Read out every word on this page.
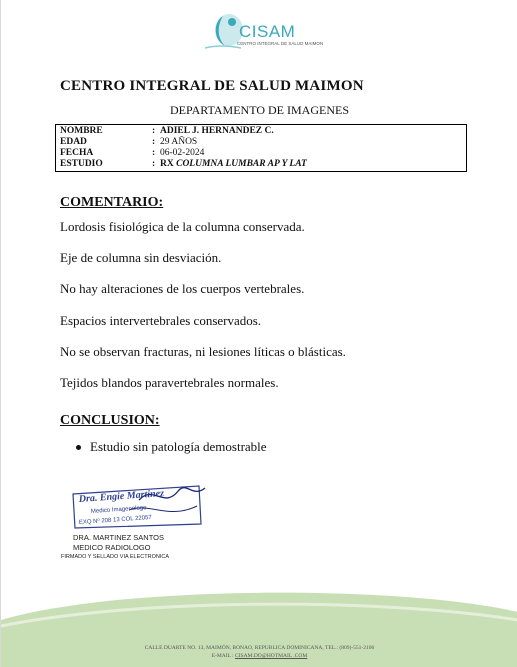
CISAM
CENTRO INTEGRAL DE SALUD MAIMON
CENTRO INTEGRAL DE SALUD MAIMON
DEPARTAMENTO DE IMAGENES
NOMBRE	: ADIEL J. HERNANDEZ C.
EDAD	: 29 AÑOS
FECHA	: 06-02-2024
ESTUDIO	: RX COLUMNA LUMBAR AP Y LAT
COMENTARIO:
Lordosis fisiológica de la columna conservada.
Eje de columna sin desviación.
No hay alteraciones de los cuerpos vertebrales.
Espacios intervertebrales conservados.
No se observan fracturas, ni lesiones líticas o blásticas.
Tejidos blandos paravertebrales normales.
CONCLUSION:
Estudio sin patología demostrable
Dra. Engie Martinez
Medico Imagenologo
EXQ Nº 208 13 COL 22057
DRA. MARTINEZ SANTOS
MEDICO RADIOLOGO
FIRMADO Y SELLADO VIA ELECTRONICA
CALLE DUARTE NO. 13, MAIMÓN, BONAO, REPUBLICA DOMINICANA, TEL.: (809)-551-2106
E-MAIL : CISAM.DO@HOTMAIL .COM
